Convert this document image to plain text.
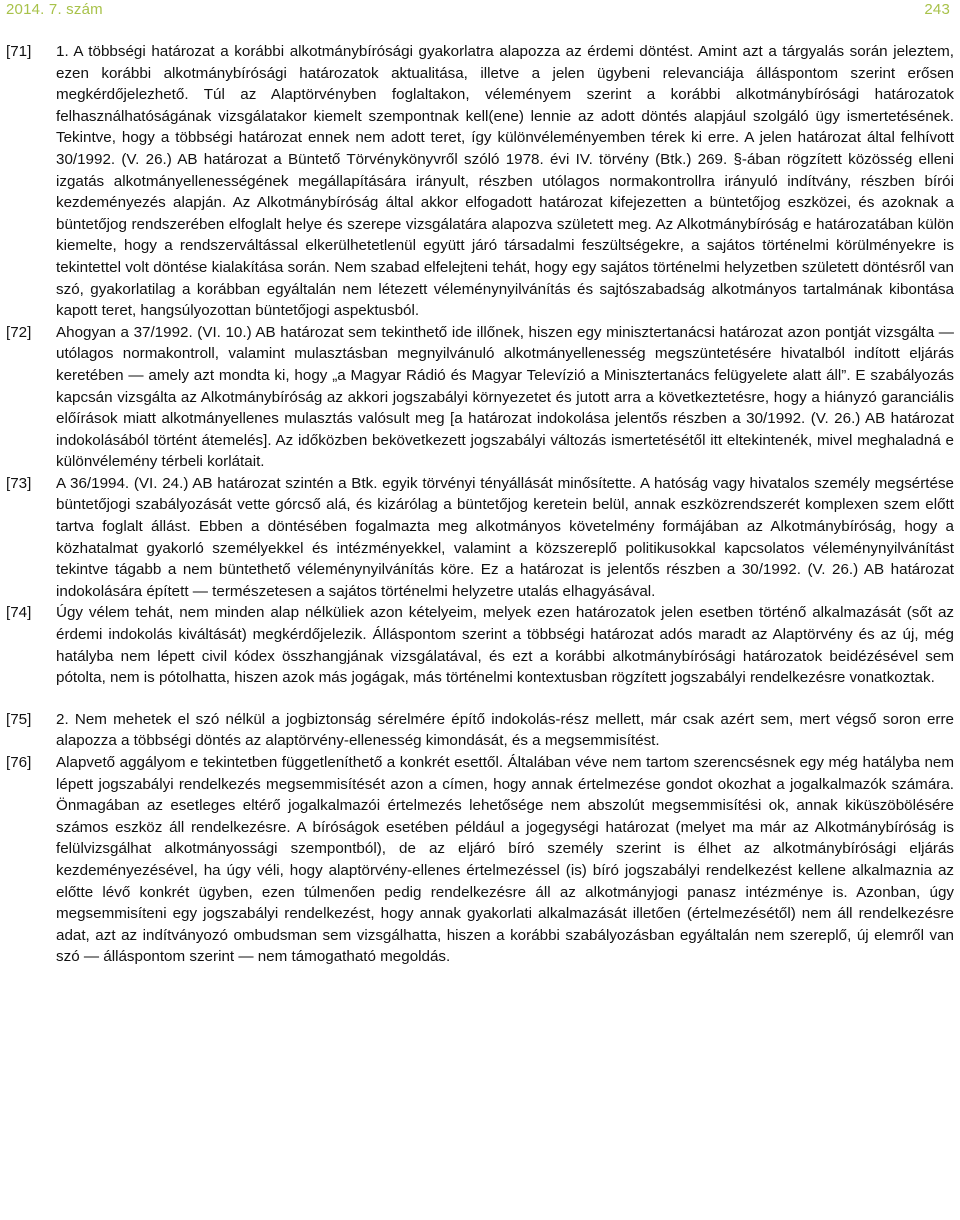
2014. 7. szám	243
[71] 1. A többségi határozat a korábbi alkotmánybírósági gyakorlatra alapozza az érdemi döntést. Amint azt a tárgyalás során jeleztem, ezen korábbi alkotmánybírósági határozatok aktualitása, illetve a jelen ügybeni relevanciája álláspontom szerint erősen megkérdőjelezhető. Túl az Alaptörvényben foglaltakon, véleményem szerint a korábbi alkotmánybírósági határozatok felhasználhatóságának vizsgálatakor kiemelt szempontnak kell(ene) lennie az adott döntés alapjául szolgáló ügy ismertetésének. Tekintve, hogy a többségi határozat ennek nem adott teret, így különvéleményemben térek ki erre. A jelen határozat által felhívott 30/1992. (V. 26.) AB határozat a Büntető Törvénykönyvről szóló 1978. évi IV. törvény (Btk.) 269. §-ában rögzített közösség elleni izgatás alkotmányellenességének megállapítására irányult, részben utólagos normakontrollra irányuló indítvány, részben bírói kezdeményezés alapján. Az Alkotmánybíróság által akkor elfogadott határozat kifejezetten a büntetőjog eszközei, és azoknak a büntetőjog rendszerében elfoglalt helye és szerepe vizsgálatára alapozva született meg. Az Alkotmánybíróság e határozatában külön kiemelte, hogy a rendszerváltással elkerülhetetlenül együtt járó társadalmi feszültségekre, a sajátos történelmi körülményekre is tekintettel volt döntése kialakítása során. Nem szabad elfelejteni tehát, hogy egy sajátos történelmi helyzetben született döntésről van szó, gyakorlatilag a korábban egyáltalán nem létezett véleménynyilvánítás és sajtószabadság alkotmányos tartalmának kibontása kapott teret, hangsúlyozottan büntetőjogi aspektusból.
[72] Ahogyan a 37/1992. (VI. 10.) AB határozat sem tekinthető ide illőnek, hiszen egy minisztertanácsi határozat azon pontját vizsgálta — utólagos normakontroll, valamint mulasztásban megnyilvánuló alkotmányellenesség megszüntetésére hivatalból indított eljárás keretében — amely azt mondta ki, hogy „a Magyar Rádió és Magyar Televízió a Minisztertanács felügyelete alatt áll”. E szabályozás kapcsán vizsgálta az Alkotmánybíróság az akkori jogszabályi környezetet és jutott arra a következtetésre, hogy a hiányzó garanciális előírások miatt alkotmányellenes mulasztás valósult meg [a határozat indokolása jelentős részben a 30/1992. (V. 26.) AB határozat indokolásából történt átemelés]. Az időközben bekövetkezett jogszabályi változás ismertetésétől itt eltekintenék, mivel meghaladná e különvélemény térbeli korlátait.
[73] A 36/1994. (VI. 24.) AB határozat szintén a Btk. egyik törvényi tényállását minősítette. A hatóság vagy hivatalos személy megsértése büntetőjogi szabályozását vette górcső alá, és kizárólag a büntetőjog keretein belül, annak eszközrendszerét komplexen szem előtt tartva foglalt állást. Ebben a döntésében fogalmazta meg alkotmányos követelmény formájában az Alkotmánybíróság, hogy a közhatalmat gyakorló személyekkel és intézményekkel, valamint a közszereplő politikusokkal kapcsolatos véleménynyilvánítást tekintve tágabb a nem büntethető véleménynyilvánítás köre. Ez a határozat is jelentős részben a 30/1992. (V. 26.) AB határozat indokolására épített — természetesen a sajátos történelmi helyzetre utalás elhagyásával.
[74] Úgy vélem tehát, nem minden alap nélküliek azon kételyeim, melyek ezen határozatok jelen esetben történő alkalmazását (sőt az érdemi indokolás kiváltását) megkérdőjelezik. Álláspontom szerint a többségi határozat adós maradt az Alaptörvény és az új, még hatályba nem lépett civil kódex összhangjának vizsgálatával, és ezt a korábbi alkotmánybírósági határozatok beidézésével sem pótolta, nem is pótolhatta, hiszen azok más jogágak, más történelmi kontextusban rögzített jogszabályi rendelkezésre vonatkoztak.
[75] 2. Nem mehetek el szó nélkül a jogbiztonság sérelmére építő indokolás-rész mellett, már csak azért sem, mert végső soron erre alapozza a többségi döntés az alaptörvény-ellenesség kimondását, és a megsemmisítést.
[76] Alapvető aggályom e tekintetben függetleníthető a konkrét esettől. Általában véve nem tartom szerencsésnek egy még hatályba nem lépett jogszabályi rendelkezés megsemmisítését azon a címen, hogy annak értelmezése gondot okozhat a jogalkalmazók számára. Önmagában az esetleges eltérő jogalkalmazói értelmezés lehetősége nem abszolút megsemmisítési ok, annak kiküszöbölésére számos eszköz áll rendelkezésre. A bíróságok esetében például a jogegységi határozat (melyet ma már az Alkotmánybíróság is felülvizsgálhat alkotmányossági szempontból), de az eljáró bíró személy szerint is élhet az alkotmánybírósági eljárás kezdeményezésével, ha úgy véli, hogy alaptörvény-ellenes értelmezéssel (is) bíró jogszabályi rendelkezést kellene alkalmaznia az előtte lévő konkrét ügyben, ezen túlmenően pedig rendelkezésre áll az alkotmányjogi panasz intézménye is. Azonban, úgy megsemmisíteni egy jogszabályi rendelkezést, hogy annak gyakorlati alkalmazását illetően (értelmezésétől) nem áll rendelkezésre adat, azt az indítványozó ombudsman sem vizsgálhatta, hiszen a korábbi szabályozásban egyáltalán nem szereplő, új elemről van szó — álláspontom szerint — nem támogatható megoldás.
